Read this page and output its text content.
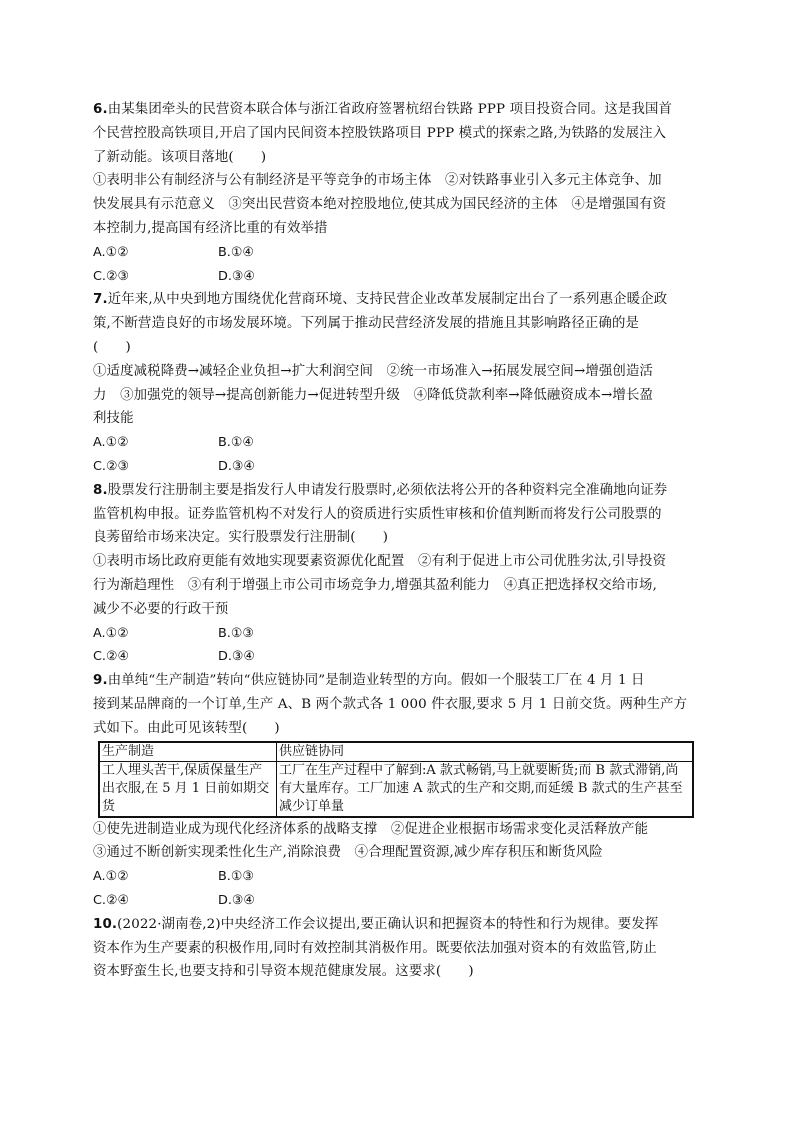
6.由某集团牵头的民营资本联合体与浙江省政府签署杭绍台铁路 PPP 项目投资合同。这是我国首
个民营控股高铁项目,开启了国内民间资本控股铁路项目 PPP 模式的探索之路,为铁路的发展注入
了新动能。该项目落地(　　)
①表明非公有制经济与公有制经济是平等竞争的市场主体　②对铁路事业引入多元主体竞争、加
快发展具有示范意义　③突出民营资本绝对控股地位,使其成为国民经济的主体　④是增强国有资
本控制力,提高国有经济比重的有效举措
A.①②	B.①④
C.②③	D.③④
7.近年来,从中央到地方围绕优化营商环境、支持民营企业改革发展制定出台了一系列惠企暖企政
策,不断营造良好的市场发展环境。下列属于推动民营经济发展的措施且其影响路径正确的是
(　　)
①适度减税降费→减轻企业负担→扩大利润空间　②统一市场准入→拓展发展空间→增强创造活
力　③加强党的领导→提高创新能力→促进转型升级　④降低贷款利率→降低融资成本→增长盈
利技能
A.①②	B.①④
C.②③	D.③④
8.股票发行注册制主要是指发行人申请发行股票时,必须依法将公开的各种资料完全准确地向证券
监管机构申报。证券监管机构不对发行人的资质进行实质性审核和价值判断而将发行公司股票的
良莠留给市场来决定。实行股票发行注册制(　　)
①表明市场比政府更能有效地实现要素资源优化配置　②有利于促进上市公司优胜劣汰,引导投资
行为渐趋理性　③有利于增强上市公司市场竞争力,增强其盈利能力　④真正把选择权交给市场,
减少不必要的行政干预
A.①②	B.①③
C.②④	D.③④
9.由单纯“生产制造”转向“供应链协同”是制造业转型的方向。假如一个服装工厂在 4 月 1 日
接到某品牌商的一个订单,生产 A、B 两个款式各 1 000 件衣服,要求 5 月 1 日前交货。两种生产方
式如下。由此可见该转型(　　)
生产制造	供应链协同

工人埋头苦干,保质保量生产出衣服,在 5 月 1 日前如期交货	工厂在生产过程中了解到:A 款式畅销,马上就要断货;而 B 款式滞销,尚有大量库存。工厂加速 A 款式的生产和交期,而延缓 B 款式的生产甚至减少订单量
①使先进制造业成为现代化经济体系的战略支撑　②促进企业根据市场需求变化灵活释放产能
③通过不断创新实现柔性化生产,消除浪费　④合理配置资源,减少库存积压和断货风险
A.①②	B.①③
C.②④	D.③④
10.(2022·湖南卷,2)中央经济工作会议提出,要正确认识和把握资本的特性和行为规律。要发挥
资本作为生产要素的积极作用,同时有效控制其消极作用。既要依法加强对资本的有效监管,防止
资本野蛮生长,也要支持和引导资本规范健康发展。这要求(　　)
